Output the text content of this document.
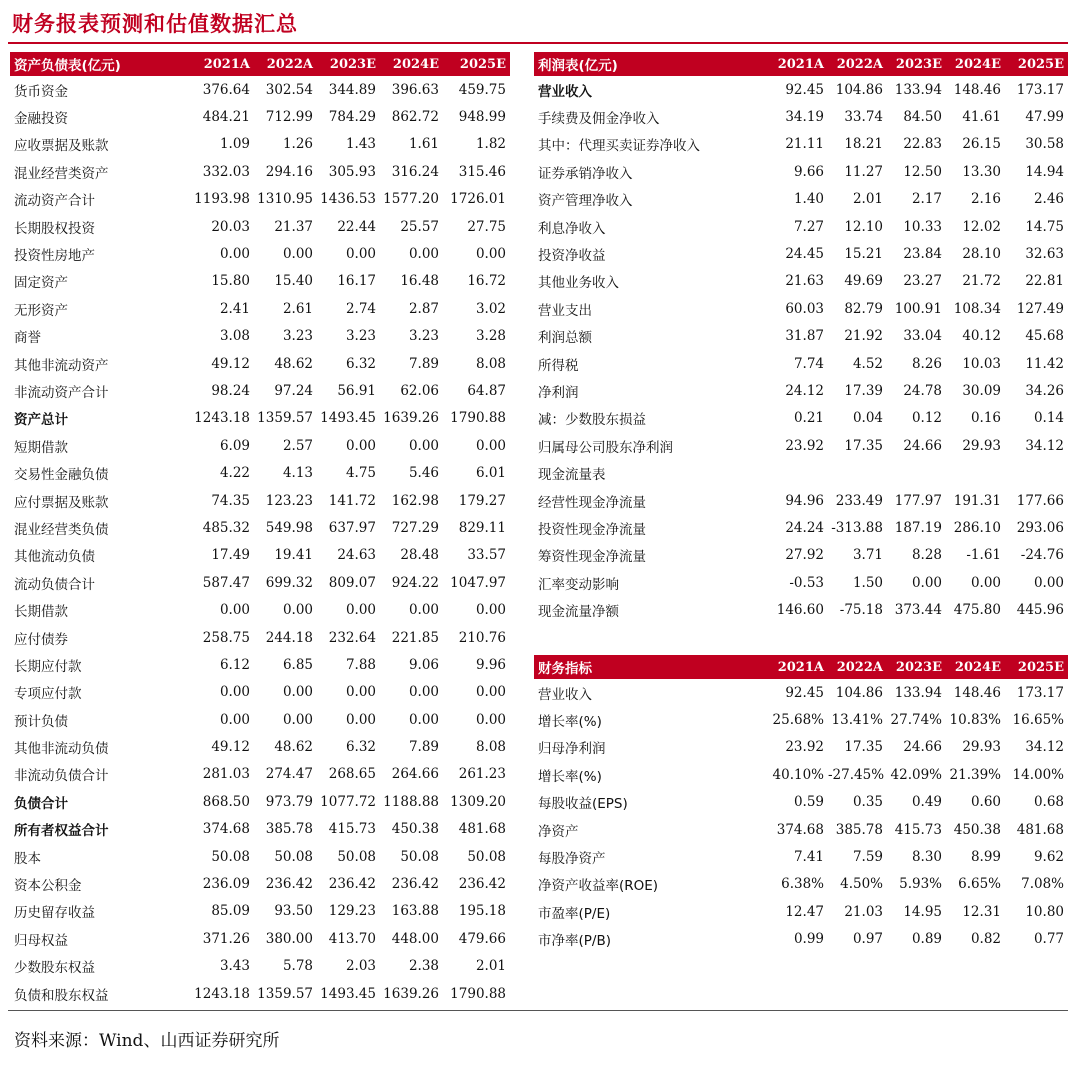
财务报表预测和估值数据汇总
资产负债表(亿元)	2021A	2022A	2023E	2024E	2025E
货币资金	376.64	302.54	344.89	396.63	459.75
金融投资	484.21	712.99	784.29	862.72	948.99
应收票据及账款	1.09	1.26	1.43	1.61	1.82
混业经营类资产	332.03	294.16	305.93	316.24	315.46
流动资产合计	1193.98	1310.95	1436.53	1577.20	1726.01
长期股权投资	20.03	21.37	22.44	25.57	27.75
投资性房地产	0.00	0.00	0.00	0.00	0.00
固定资产	15.80	15.40	16.17	16.48	16.72
无形资产	2.41	2.61	2.74	2.87	3.02
商誉	3.08	3.23	3.23	3.23	3.28
其他非流动资产	49.12	48.62	6.32	7.89	8.08
非流动资产合计	98.24	97.24	56.91	62.06	64.87
资产总计	1243.18	1359.57	1493.45	1639.26	1790.88
短期借款	6.09	2.57	0.00	0.00	0.00
交易性金融负债	4.22	4.13	4.75	5.46	6.01
应付票据及账款	74.35	123.23	141.72	162.98	179.27
混业经营类负债	485.32	549.98	637.97	727.29	829.11
其他流动负债	17.49	19.41	24.63	28.48	33.57
流动负债合计	587.47	699.32	809.07	924.22	1047.97
长期借款	0.00	0.00	0.00	0.00	0.00
应付债券	258.75	244.18	232.64	221.85	210.76
长期应付款	6.12	6.85	7.88	9.06	9.96
专项应付款	0.00	0.00	0.00	0.00	0.00
预计负债	0.00	0.00	0.00	0.00	0.00
其他非流动负债	49.12	48.62	6.32	7.89	8.08
非流动负债合计	281.03	274.47	268.65	264.66	261.23
负债合计	868.50	973.79	1077.72	1188.88	1309.20
所有者权益合计	374.68	385.78	415.73	450.38	481.68
股本	50.08	50.08	50.08	50.08	50.08
资本公积金	236.09	236.42	236.42	236.42	236.42
历史留存收益	85.09	93.50	129.23	163.88	195.18
归母权益	371.26	380.00	413.70	448.00	479.66
少数股东权益	3.43	5.78	2.03	2.38	2.01
负债和股东权益	1243.18	1359.57	1493.45	1639.26	1790.88
利润表(亿元)	2021A	2022A	2023E	2024E	2025E
营业收入	92.45	104.86	133.94	148.46	173.17
手续费及佣金净收入	34.19	33.74	84.50	41.61	47.99
其中：代理买卖证券净收入	21.11	18.21	22.83	26.15	30.58
证券承销净收入	9.66	11.27	12.50	13.30	14.94
资产管理净收入	1.40	2.01	2.17	2.16	2.46
利息净收入	7.27	12.10	10.33	12.02	14.75
投资净收益	24.45	15.21	23.84	28.10	32.63
其他业务收入	21.63	49.69	23.27	21.72	22.81
营业支出	60.03	82.79	100.91	108.34	127.49
利润总额	31.87	21.92	33.04	40.12	45.68
所得税	7.74	4.52	8.26	10.03	11.42
净利润	24.12	17.39	24.78	30.09	34.26
减：少数股东损益	0.21	0.04	0.12	0.16	0.14
归属母公司股东净利润	23.92	17.35	24.66	29.93	34.12
现金流量表					
经营性现金净流量	94.96	233.49	177.97	191.31	177.66
投资性现金净流量	24.24	-313.88	187.19	286.10	293.06
筹资性现金净流量	27.92	3.71	8.28	-1.61	-24.76
汇率变动影响	-0.53	1.50	0.00	0.00	0.00
现金流量净额	146.60	-75.18	373.44	475.80	445.96
财务指标	2021A	2022A	2023E	2024E	2025E
营业收入	92.45	104.86	133.94	148.46	173.17
增长率(%)	25.68%	13.41%	27.74%	10.83%	16.65%
归母净利润	23.92	17.35	24.66	29.93	34.12
增长率(%)	40.10%	-27.45%	42.09%	21.39%	14.00%
每股收益(EPS)	0.59	0.35	0.49	0.60	0.68
净资产	374.68	385.78	415.73	450.38	481.68
每股净资产	7.41	7.59	8.30	8.99	9.62
净资产收益率(ROE)	6.38%	4.50%	5.93%	6.65%	7.08%
市盈率(P/E)	12.47	21.03	14.95	12.31	10.80
市净率(P/B)	0.99	0.97	0.89	0.82	0.77
资料来源：Wind、山西证券研究所
